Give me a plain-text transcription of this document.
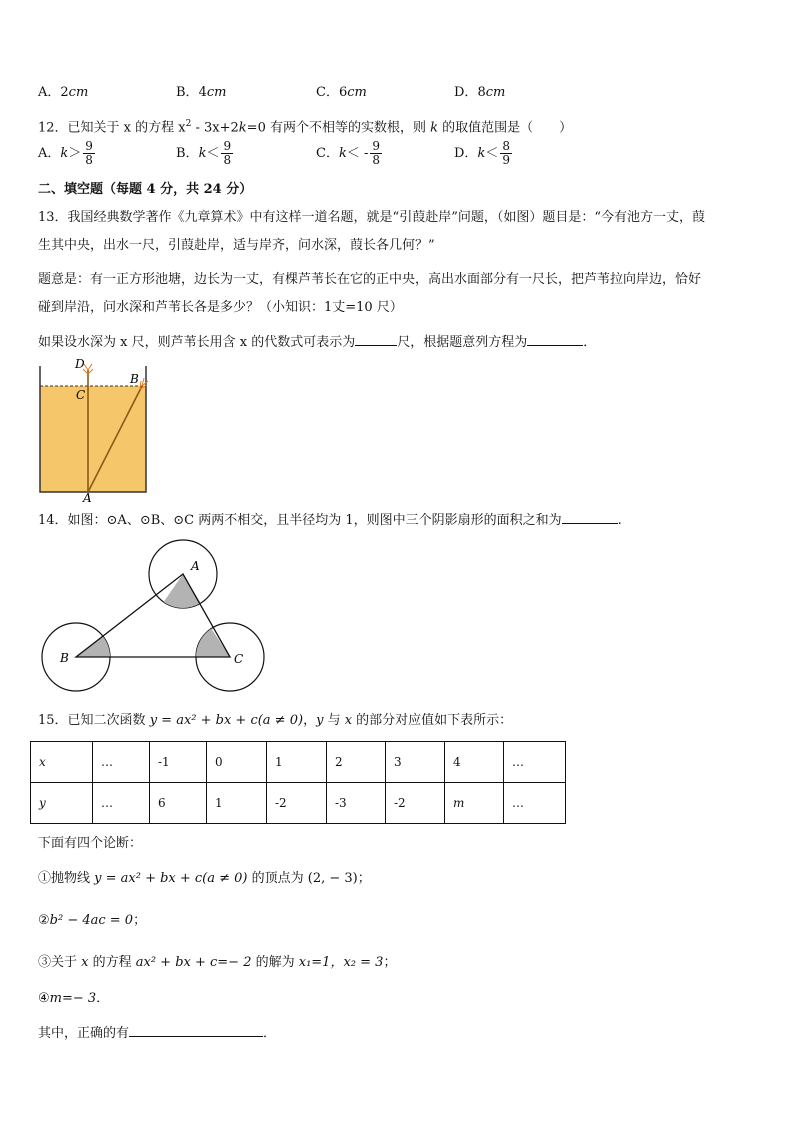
A．2cm	B．4cm	C．6cm	D．8cm
12．已知关于 x 的方程 $x^2 - 3x+2k=0$ 有两个不相等的实数根，则 k 的取值范围是（　　）
A．$k> \frac{9}{8}$	B．$k< \frac{9}{8}$	C．$k< - \frac{9}{8}$	D．$k< \frac{8}{9}$
二、填空题（每题 4 分，共 24 分）
13．我国经典数学著作《九章算术》中有这样一道名题，就是“引葭赴岸”问题，（如图）题目是：“今有池方一丈，葭
生其中央，出水一尺，引葭赴岸，适与岸齐，问水深，葭长各几何？”
题意是：有一正方形池塘，边长为一丈，有棵芦苇长在它的正中央，高出水面部分有一尺长，把芦苇拉向岸边，恰好
碰到岸沿，问水深和芦苇长各是多少？（小知识：1丈=10 尺）
如果设水深为 x 尺，则芦苇长用含 x 的代数式可表示为	尺，根据题意列方程为	．
D
C
B
A
14．如图：⊙A、⊙B、⊙C 两两不相交，且半径均为 1，则图中三个阴影扇形的面积之和为	.
A
B	C
15．已知二次函数 y = ax² + bx + c(a ≠ 0)，y 与 x 的部分对应值如下表所示：
x	…	-1	0	1	2	3	4	…
y	…	6	1	-2	-3	-2	m	…
下面有四个论断：
①抛物线 y = ax² + bx + c(a ≠ 0) 的顶点为 (2, − 3)；
②b² − 4ac = 0；
③关于 x 的方程 ax² + bx + c=− 2 的解为 x₁=1，x₂ = 3；
④m=− 3．
其中，正确的有	．
